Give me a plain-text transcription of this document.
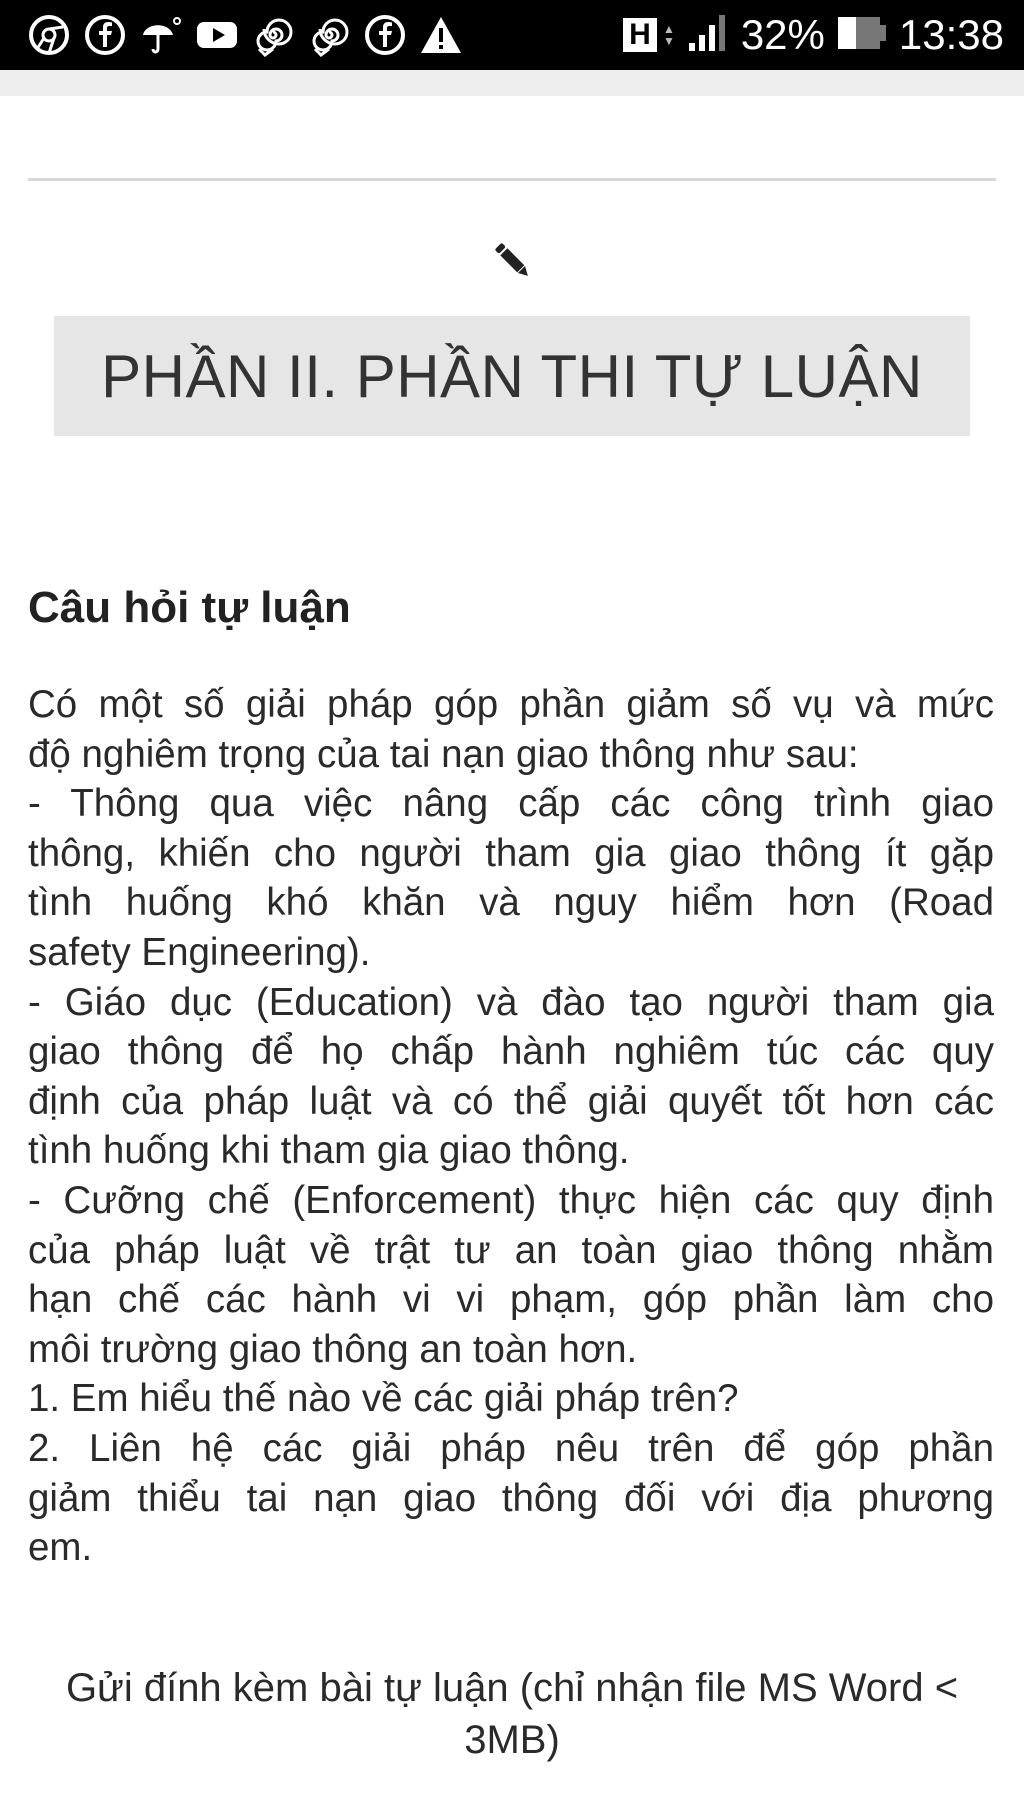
H	▲
▼ 32% 13:38
PHẦN II. PHẦN THI TỰ LUẬN
Câu hỏi tự luận
Có một số giải pháp góp phần giảm số vụ và mức
độ nghiêm trọng của tai nạn giao thông như sau:
- Thông qua việc nâng cấp các công trình giao
thông, khiến cho người tham gia giao thông ít gặp
tình huống khó khăn và nguy hiểm hơn (Road
safety Engineering).
- Giáo dục (Education) và đào tạo người tham gia
giao thông để họ chấp hành nghiêm túc các quy
định của pháp luật và có thể giải quyết tốt hơn các
tình huống khi tham gia giao thông.
- Cưỡng chế (Enforcement) thực hiện các quy định
của pháp luật về trật tư an toàn giao thông nhằm
hạn chế các hành vi vi phạm, góp phần làm cho
môi trường giao thông an toàn hơn.
1. Em hiểu thế nào về các giải pháp trên?
2. Liên hệ các giải pháp nêu trên để góp phần
giảm thiểu tai nạn giao thông đối với địa phương
em.
Gửi đính kèm bài tự luận (chỉ nhận file MS Word < 3MB)
